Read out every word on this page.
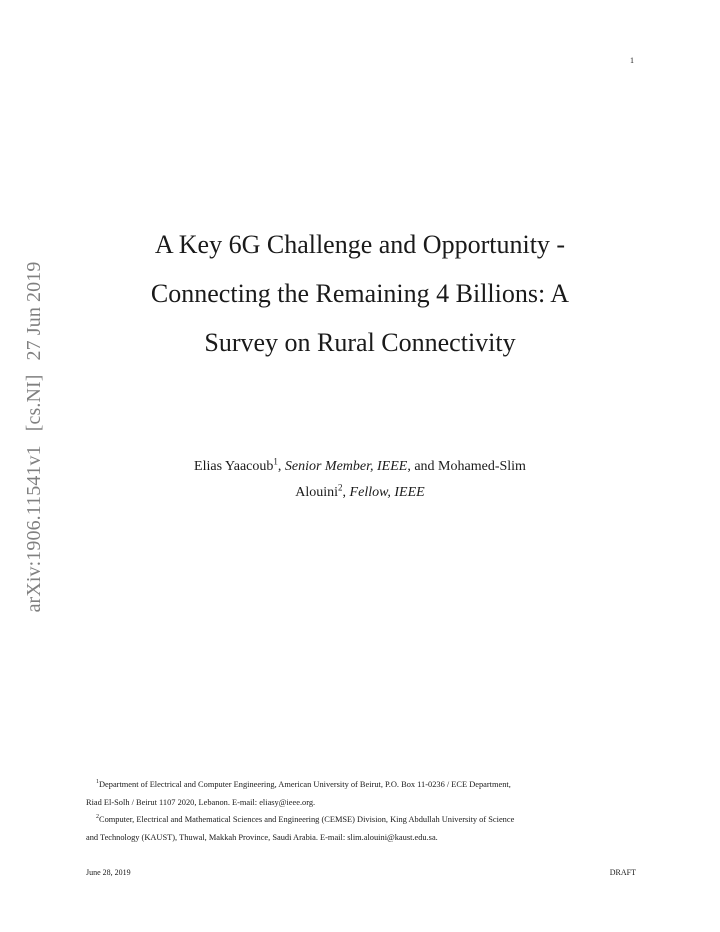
1
arXiv:1906.11541v1[cs.NI]27 Jun 2019
A Key 6G Challenge and Opportunity -
Connecting the Remaining 4 Billions: A
Survey on Rural Connectivity
Elias Yaacoub$^1$, Senior Member, IEEE, and Mohamed-Slim
Alouini$^2$, Fellow, IEEE
$^1$Department of Electrical and Computer Engineering, American University of Beirut, P.O. Box 11-0236 / ECE Department,
Riad El-Solh / Beirut 1107 2020, Lebanon. E-mail: eliasy@ieee.org.
$^2$Computer, Electrical and Mathematical Sciences and Engineering (CEMSE) Division, King Abdullah University of Science
and Technology (KAUST), Thuwal, Makkah Province, Saudi Arabia. E-mail: slim.alouini@kaust.edu.sa.
June 28, 2019	DRAFT
